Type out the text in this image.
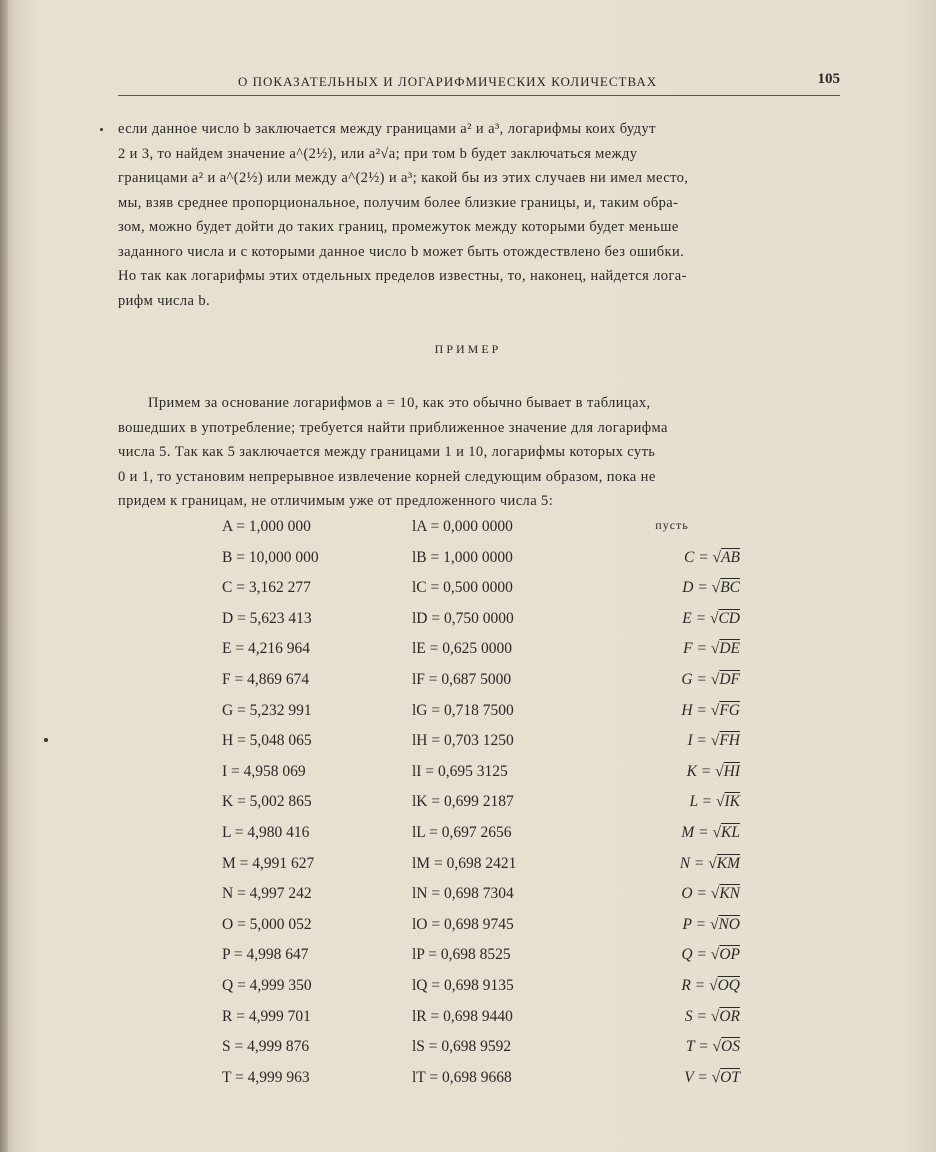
О ПОКАЗАТЕЛЬНЫХ И ЛОГАРИФМИЧЕСКИХ КОЛИЧЕСТВАХ	105
если данное число b заключается между границами a² и a³, логарифмы коих будут
2 и 3, то найдем значение a^(2½), или a²√a; при том b будет заключаться между
границами a² и a^(2½) или между a^(2½) и a³; какой бы из этих случаев ни имел место,
мы, взяв среднее пропорциональное, получим более близкие границы, и, таким обра-
зом, можно будет дойти до таких границ, промежуток между которыми будет меньше
заданного числа и с которыми данное число b может быть отождествлено без ошибки.
Но так как логарифмы этих отдельных пределов известны, то, наконец, найдется лога-
рифм числа b.
ПРИМЕР
Примем за основание логарифмов a = 10, как это обычно бывает в таблицах,
вошедших в употребление; требуется найти приближенное значение для логарифма
числа 5. Так как 5 заключается между границами 1 и 10, логарифмы которых суть
0 и 1, то установим непрерывное извлечение корней следующим образом, пока не
придем к границам, не отличимым уже от предложенного числа 5:
A = 1,000 000	lA = 0,000 0000	пусть
B = 10,000 000	lB = 1,000 0000	C = √AB
C = 3,162 277	lC = 0,500 0000	D = √BC
D = 5,623 413	lD = 0,750 0000	E = √CD
E = 4,216 964	lE = 0,625 0000	F = √DE
F = 4,869 674	lF = 0,687 5000	G = √DF
G = 5,232 991	lG = 0,718 7500	H = √FG
H = 5,048 065	lH = 0,703 1250	I = √FH
I = 4,958 069	lI = 0,695 3125	K = √HI
K = 5,002 865	lK = 0,699 2187	L = √IK
L = 4,980 416	lL = 0,697 2656	M = √KL
M = 4,991 627	lM = 0,698 2421	N = √KM
N = 4,997 242	lN = 0,698 7304	O = √KN
O = 5,000 052	lO = 0,698 9745	P = √NO
P = 4,998 647	lP = 0,698 8525	Q = √OP
Q = 4,999 350	lQ = 0,698 9135	R = √OQ
R = 4,999 701	lR = 0,698 9440	S = √OR
S = 4,999 876	lS = 0,698 9592	T = √OS
T = 4,999 963	lT = 0,698 9668	V = √OT
